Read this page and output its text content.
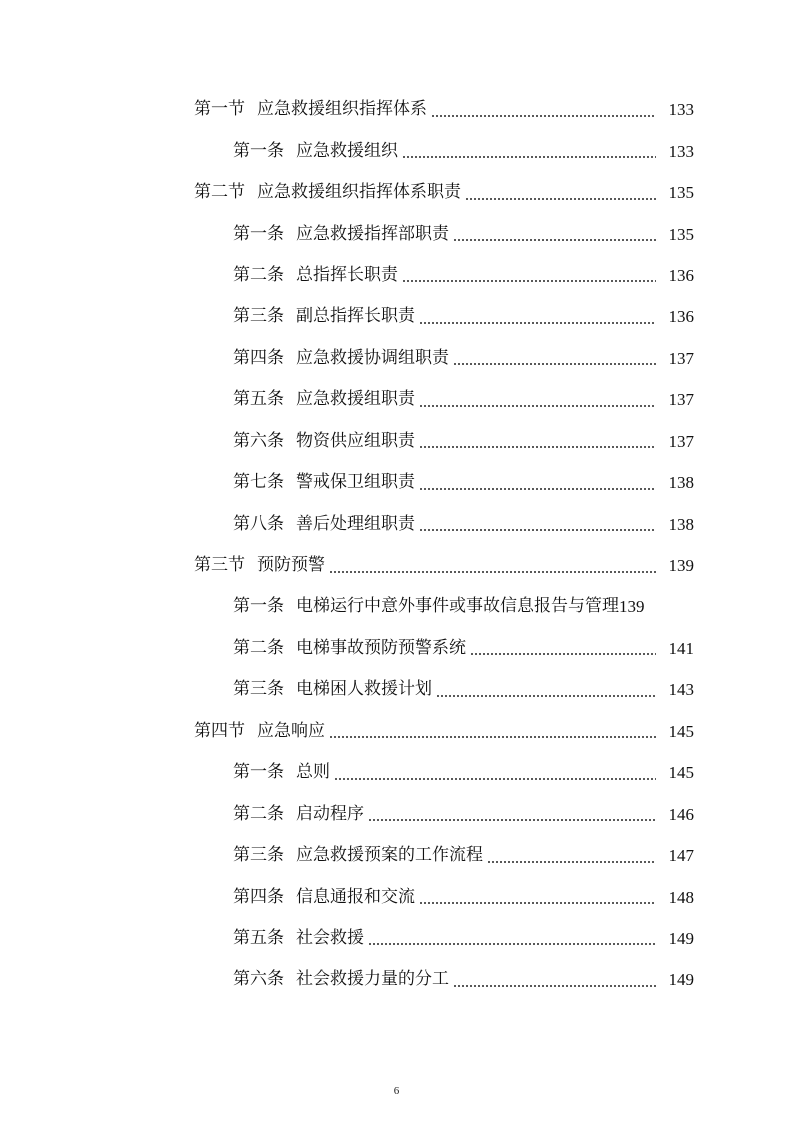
第一节 应急救援组织指挥体系	133
第一条 应急救援组织	133
第二节 应急救援组织指挥体系职责	135
第一条 应急救援指挥部职责	135
第二条 总指挥长职责	136
第三条 副总指挥长职责	136
第四条 应急救援协调组职责	137
第五条 应急救援组职责	137
第六条 物资供应组职责	137
第七条 警戒保卫组职责	138
第八条 善后处理组职责	138
第三节 预防预警	139
第一条 电梯运行中意外事件或事故信息报告与管理 139
第二条 电梯事故预防预警系统	141
第三条 电梯困人救援计划	143
第四节 应急响应	145
第一条 总则	145
第二条 启动程序	146
第三条 应急救援预案的工作流程	147
第四条 信息通报和交流	148
第五条 社会救援	149
第六条 社会救援力量的分工	149
6
